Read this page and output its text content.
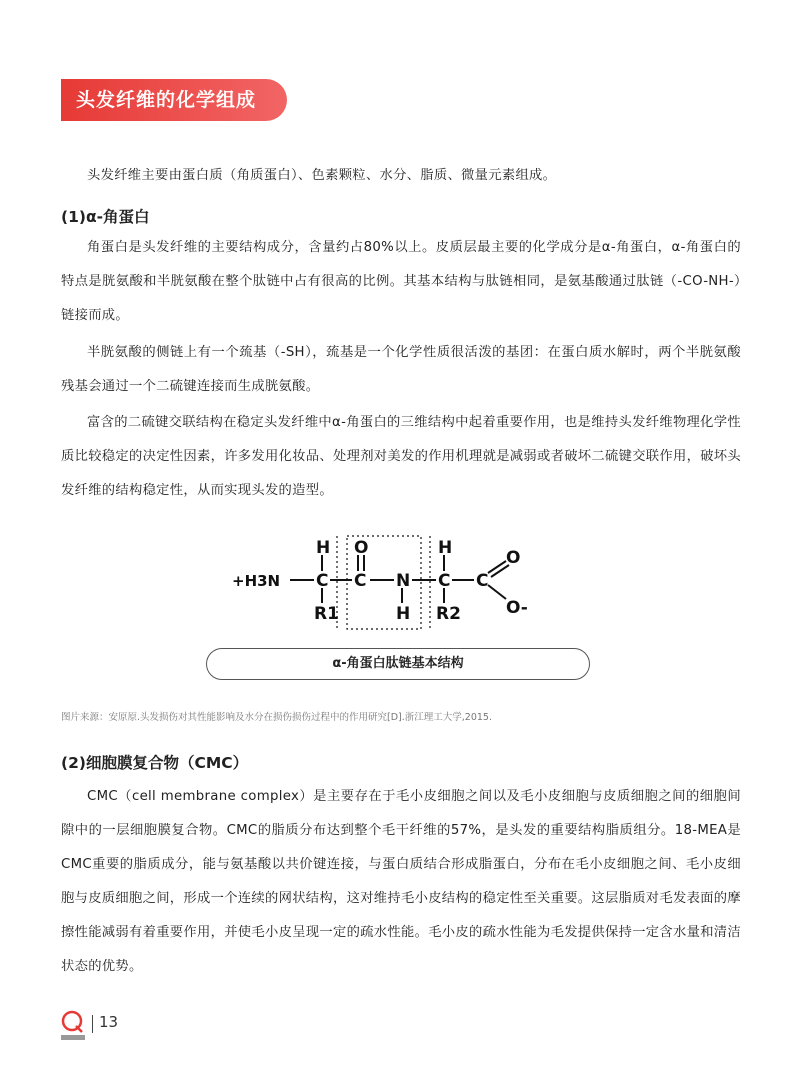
头发纤维的化学组成
头发纤维主要由蛋白质（角质蛋白）、色素颗粒、水分、脂质、微量元素组成。
(1)α-角蛋白
角蛋白是头发纤维的主要结构成分，含量约占80%以上。皮质层最主要的化学成分是α-角蛋白，α-角蛋白的特点是胱氨酸和半胱氨酸在整个肽链中占有很高的比例。其基本结构与肽链相同，是氨基酸通过肽链（-CO-NH-）链接而成。
半胱氨酸的侧链上有一个巯基（-SH），巯基是一个化学性质很活泼的基团：在蛋白质水解时，两个半胱氨酸残基会通过一个二硫键连接而生成胱氨酸。
富含的二硫键交联结构在稳定头发纤维中α-角蛋白的三维结构中起着重要作用，也是维持头发纤维物理化学性质比较稳定的决定性因素，许多发用化妆品、处理剂对美发的作用机理就是减弱或者破坏二硫键交联作用，破坏头发纤维的结构稳定性，从而实现头发的造型。
+H3N
H
C
R1
C
O
N
H
C
H
R2
C
O
O-
α-角蛋白肽链基本结构
图片来源：安原原.头发损伤对其性能影响及水分在损伤损伤过程中的作用研究[D].浙江理工大学,2015.
(2)细胞膜复合物（CMC）
CMC（cell membrane complex）是主要存在于毛小皮细胞之间以及毛小皮细胞与皮质细胞之间的细胞间隙中的一层细胞膜复合物。CMC的脂质分布达到整个毛干纤维的57%，是头发的重要结构脂质组分。18-MEA是CMC重要的脂质成分，能与氨基酸以共价键连接，与蛋白质结合形成脂蛋白，分布在毛小皮细胞之间、毛小皮细胞与皮质细胞之间，形成一个连续的网状结构，这对维持毛小皮结构的稳定性至关重要。这层脂质对毛发表面的摩擦性能减弱有着重要作用，并使毛小皮呈现一定的疏水性能。毛小皮的疏水性能为毛发提供保持一定含水量和清洁状态的优势。
13
